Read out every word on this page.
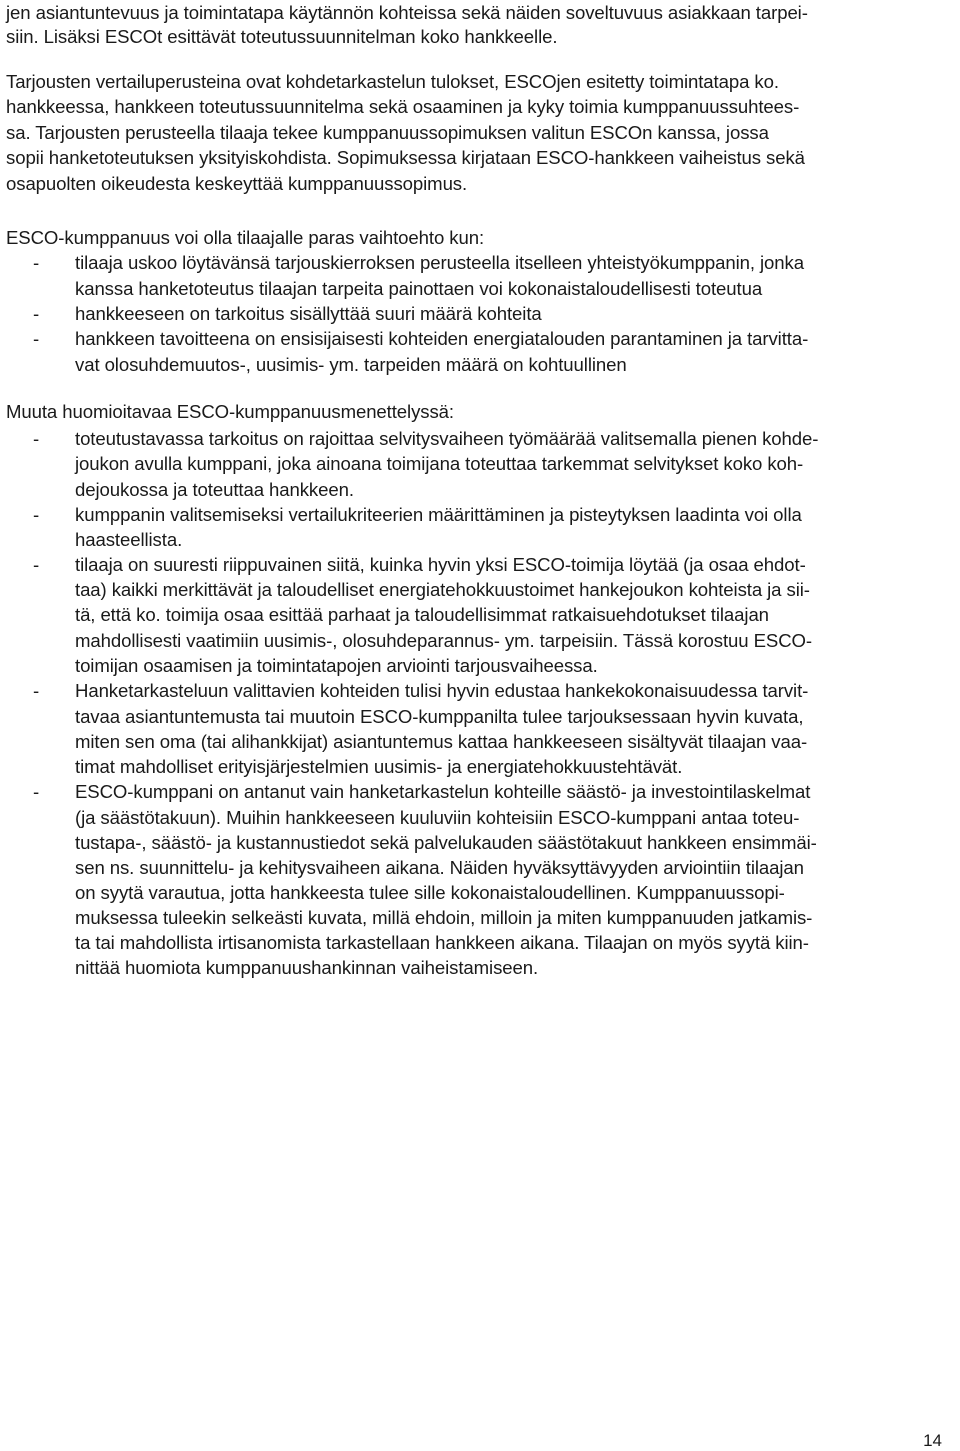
jen asiantuntevuus ja toimintatapa käytännön kohteissa sekä näiden soveltuvuus asiakkaan tarpei-
siin. Lisäksi ESCOt esittävät toteutussuunnitelman koko hankkeelle.
Tarjousten vertailuperusteina ovat kohdetarkastelun tulokset, ESCOjen esitetty toimintatapa ko.
hankkeessa, hankkeen toteutussuunnitelma sekä osaaminen ja kyky toimia kumppanuussuhtees-
sa. Tarjousten perusteella tilaaja tekee kumppanuussopimuksen valitun ESCOn kanssa, jossa
sopii hanketoteutuksen yksityiskohdista. Sopimuksessa kirjataan ESCO-hankkeen vaiheistus sekä
osapuolten oikeudesta keskeyttää kumppanuussopimus.
ESCO-kumppanuus voi olla tilaajalle paras vaihtoehto kun:
- tilaaja uskoo löytävänsä tarjouskierroksen perusteella itselleen yhteistyökumppanin, jonka
kanssa hanketoteutus tilaajan tarpeita painottaen voi kokonaistaloudellisesti toteutua
- hankkeeseen on tarkoitus sisällyttää suuri määrä kohteita
- hankkeen tavoitteena on ensisijaisesti kohteiden energiatalouden parantaminen ja tarvitta-
vat olosuhdemuutos-, uusimis- ym. tarpeiden määrä on kohtuullinen
Muuta huomioitavaa ESCO-kumppanuusmenettelyssä:
- toteutustavassa tarkoitus on rajoittaa selvitysvaiheen työmäärää valitsemalla pienen kohde-
joukon avulla kumppani, joka ainoana toimijana toteuttaa tarkemmat selvitykset koko koh-
dejoukossa ja toteuttaa hankkeen.
- kumppanin valitsemiseksi vertailukriteerien määrittäminen ja pisteytyksen laadinta voi olla
haasteellista.
- tilaaja on suuresti riippuvainen siitä, kuinka hyvin yksi ESCO-toimija löytää (ja osaa ehdot-
taa) kaikki merkittävät ja taloudelliset energiatehokkuustoimet hankejoukon kohteista ja sii-
tä, että ko. toimija osaa esittää parhaat ja taloudellisimmat ratkaisuehdotukset tilaajan
mahdollisesti vaatimiin uusimis-, olosuhdeparannus- ym. tarpeisiin. Tässä korostuu ESCO-
toimijan osaamisen ja toimintatapojen arviointi tarjousvaiheessa.
- Hanketarkasteluun valittavien kohteiden tulisi hyvin edustaa hankekokonaisuudessa tarvit-
tavaa asiantuntemusta tai muutoin ESCO-kumppanilta tulee tarjouksessaan hyvin kuvata,
miten sen oma (tai alihankkijat) asiantuntemus kattaa hankkeeseen sisältyvät tilaajan vaa-
timat mahdolliset erityisjärjestelmien uusimis- ja energiatehokkuustehtävät.
- ESCO-kumppani on antanut vain hanketarkastelun kohteille säästö- ja investointilaskelmat
(ja säästötakuun). Muihin hankkeeseen kuuluviin kohteisiin ESCO-kumppani antaa toteu-
tustapa-, säästö- ja kustannustiedot sekä palvelukauden säästötakuut hankkeen ensimmäi-
sen ns. suunnittelu- ja kehitysvaiheen aikana. Näiden hyväksyttävyyden arviointiin tilaajan
on syytä varautua, jotta hankkeesta tulee sille kokonaistaloudellinen. Kumppanuussopi-
muksessa tuleekin selkeästi kuvata, millä ehdoin, milloin ja miten kumppanuuden jatkamis-
ta tai mahdollista irtisanomista tarkastellaan hankkeen aikana. Tilaajan on myös syytä kiin-
nittää huomiota kumppanuushankinnan vaiheistamiseen.
14
